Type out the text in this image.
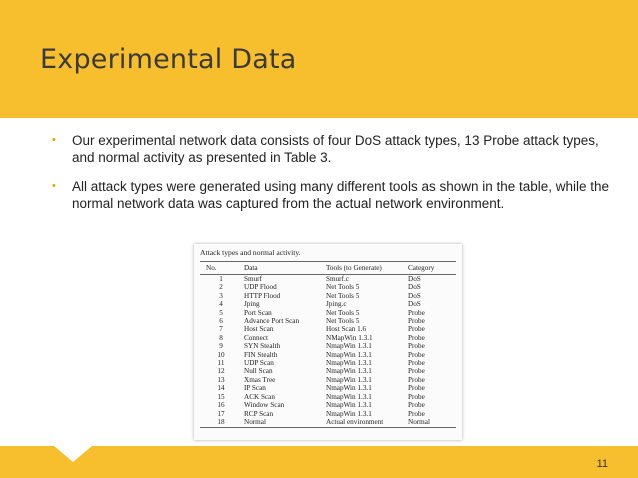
Experimental Data
• Our experimental network data consists of four DoS attack types, 13 Probe attack types, and normal activity as presented in Table 3.
• All attack types were generated using many different tools as shown in the table, while the normal network data was captured from the actual network environment.
Attack types and normal activity.
No.	Data	Tools (to Generate)	Category
1	Smurf	Smurf.c	DoS
2	UDP Flood	Net Tools 5	DoS
3	HTTP Flood	Net Tools 5	DoS
4	Jping	Jping.c	DoS
5	Port Scan	Net Tools 5	Probe
6	Advance Port Scan	Net Tools 5	Probe
7	Host Scan	Host Scan 1.6	Probe
8	Connect	NMapWin 1.3.1	Probe
9	SYN Stealth	NmapWin 1.3.1	Probe
10	FIN Stealth	NmapWin 1.3.1	Probe
11	UDP Scan	NmapWin 1.3.1	Probe
12	Null Scan	NmapWin 1.3.1	Probe
13	Xmas Tree	NmapWin 1.3.1	Probe
14	IP Scan	NmapWin 1.3.1	Probe
15	ACK Scan	NmapWin 1.3.1	Probe
16	Window Scan	NmapWin 1.3.1	Probe
17	RCP Scan	NmapWin 1.3.1	Probe
18	Normal	Actual environment	Normal
11
